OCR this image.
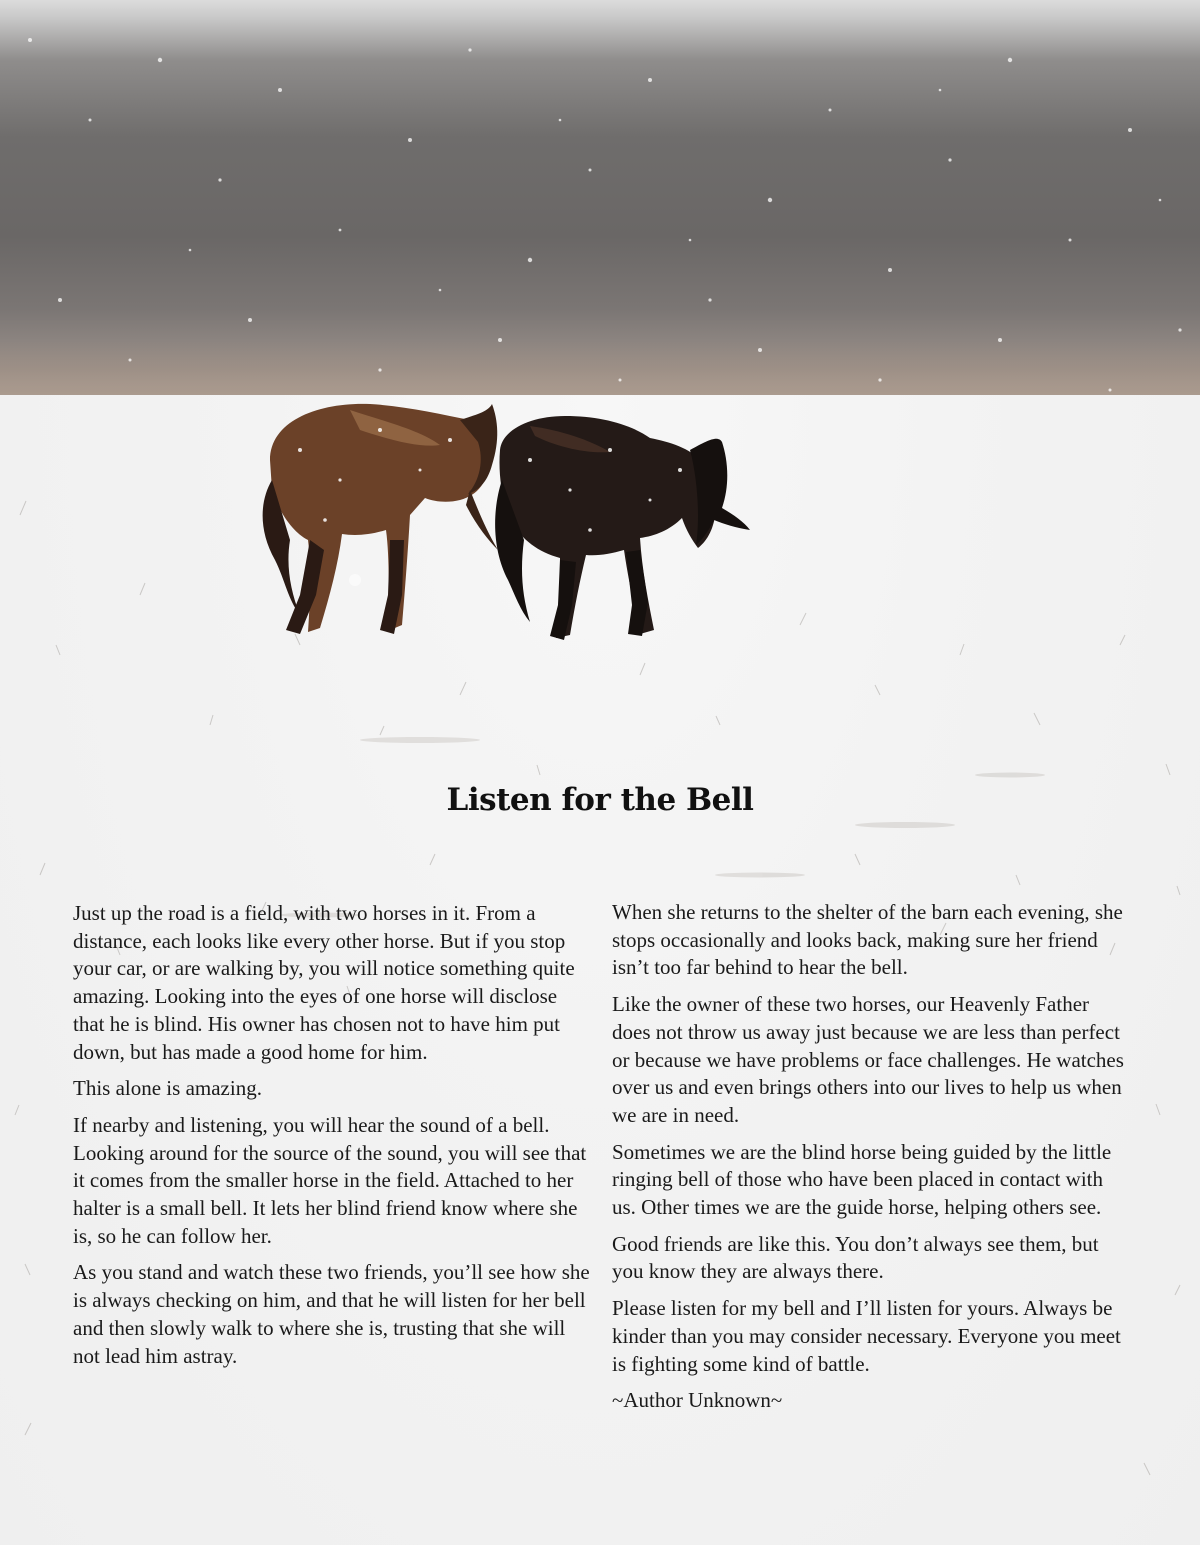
Listen for the Bell

Just up the road is a field, with two horses in it. From a distance, each looks like every other horse. But if you stop your car, or are walking by, you will notice something quite amazing. Looking into the eyes of one horse will disclose that he is blind. His owner has chosen not to have him put down, but has made a good home for him.

This alone is amazing.

If nearby and listening, you will hear the sound of a bell. Looking around for the source of the sound, you will see that it comes from the smaller horse in the field. Attached to her halter is a small bell. It lets her blind friend know where she is, so he can follow her.

As you stand and watch these two friends, you’ll see how she is always checking on him, and that he will listen for her bell and then slowly walk to where she is, trusting that she will not lead him astray.

When she returns to the shelter of the barn each evening, she stops occasionally and looks back, making sure her friend isn’t too far behind to hear the bell.

Like the owner of these two horses, our Heavenly Father does not throw us away just because we are less than perfect or because we have problems or face challenges. He watches over us and even brings others into our lives to help us when we are in need.

Sometimes we are the blind horse being guided by the little ringing bell of those who have been placed in contact with us. Other times we are the guide horse, helping others see.

Good friends are like this. You don’t always see them, but you know they are always there.

Please listen for my bell and I’ll listen for yours. Always be kinder than you may consider necessary. Everyone you meet is fighting some kind of battle.

~Author Unknown~
